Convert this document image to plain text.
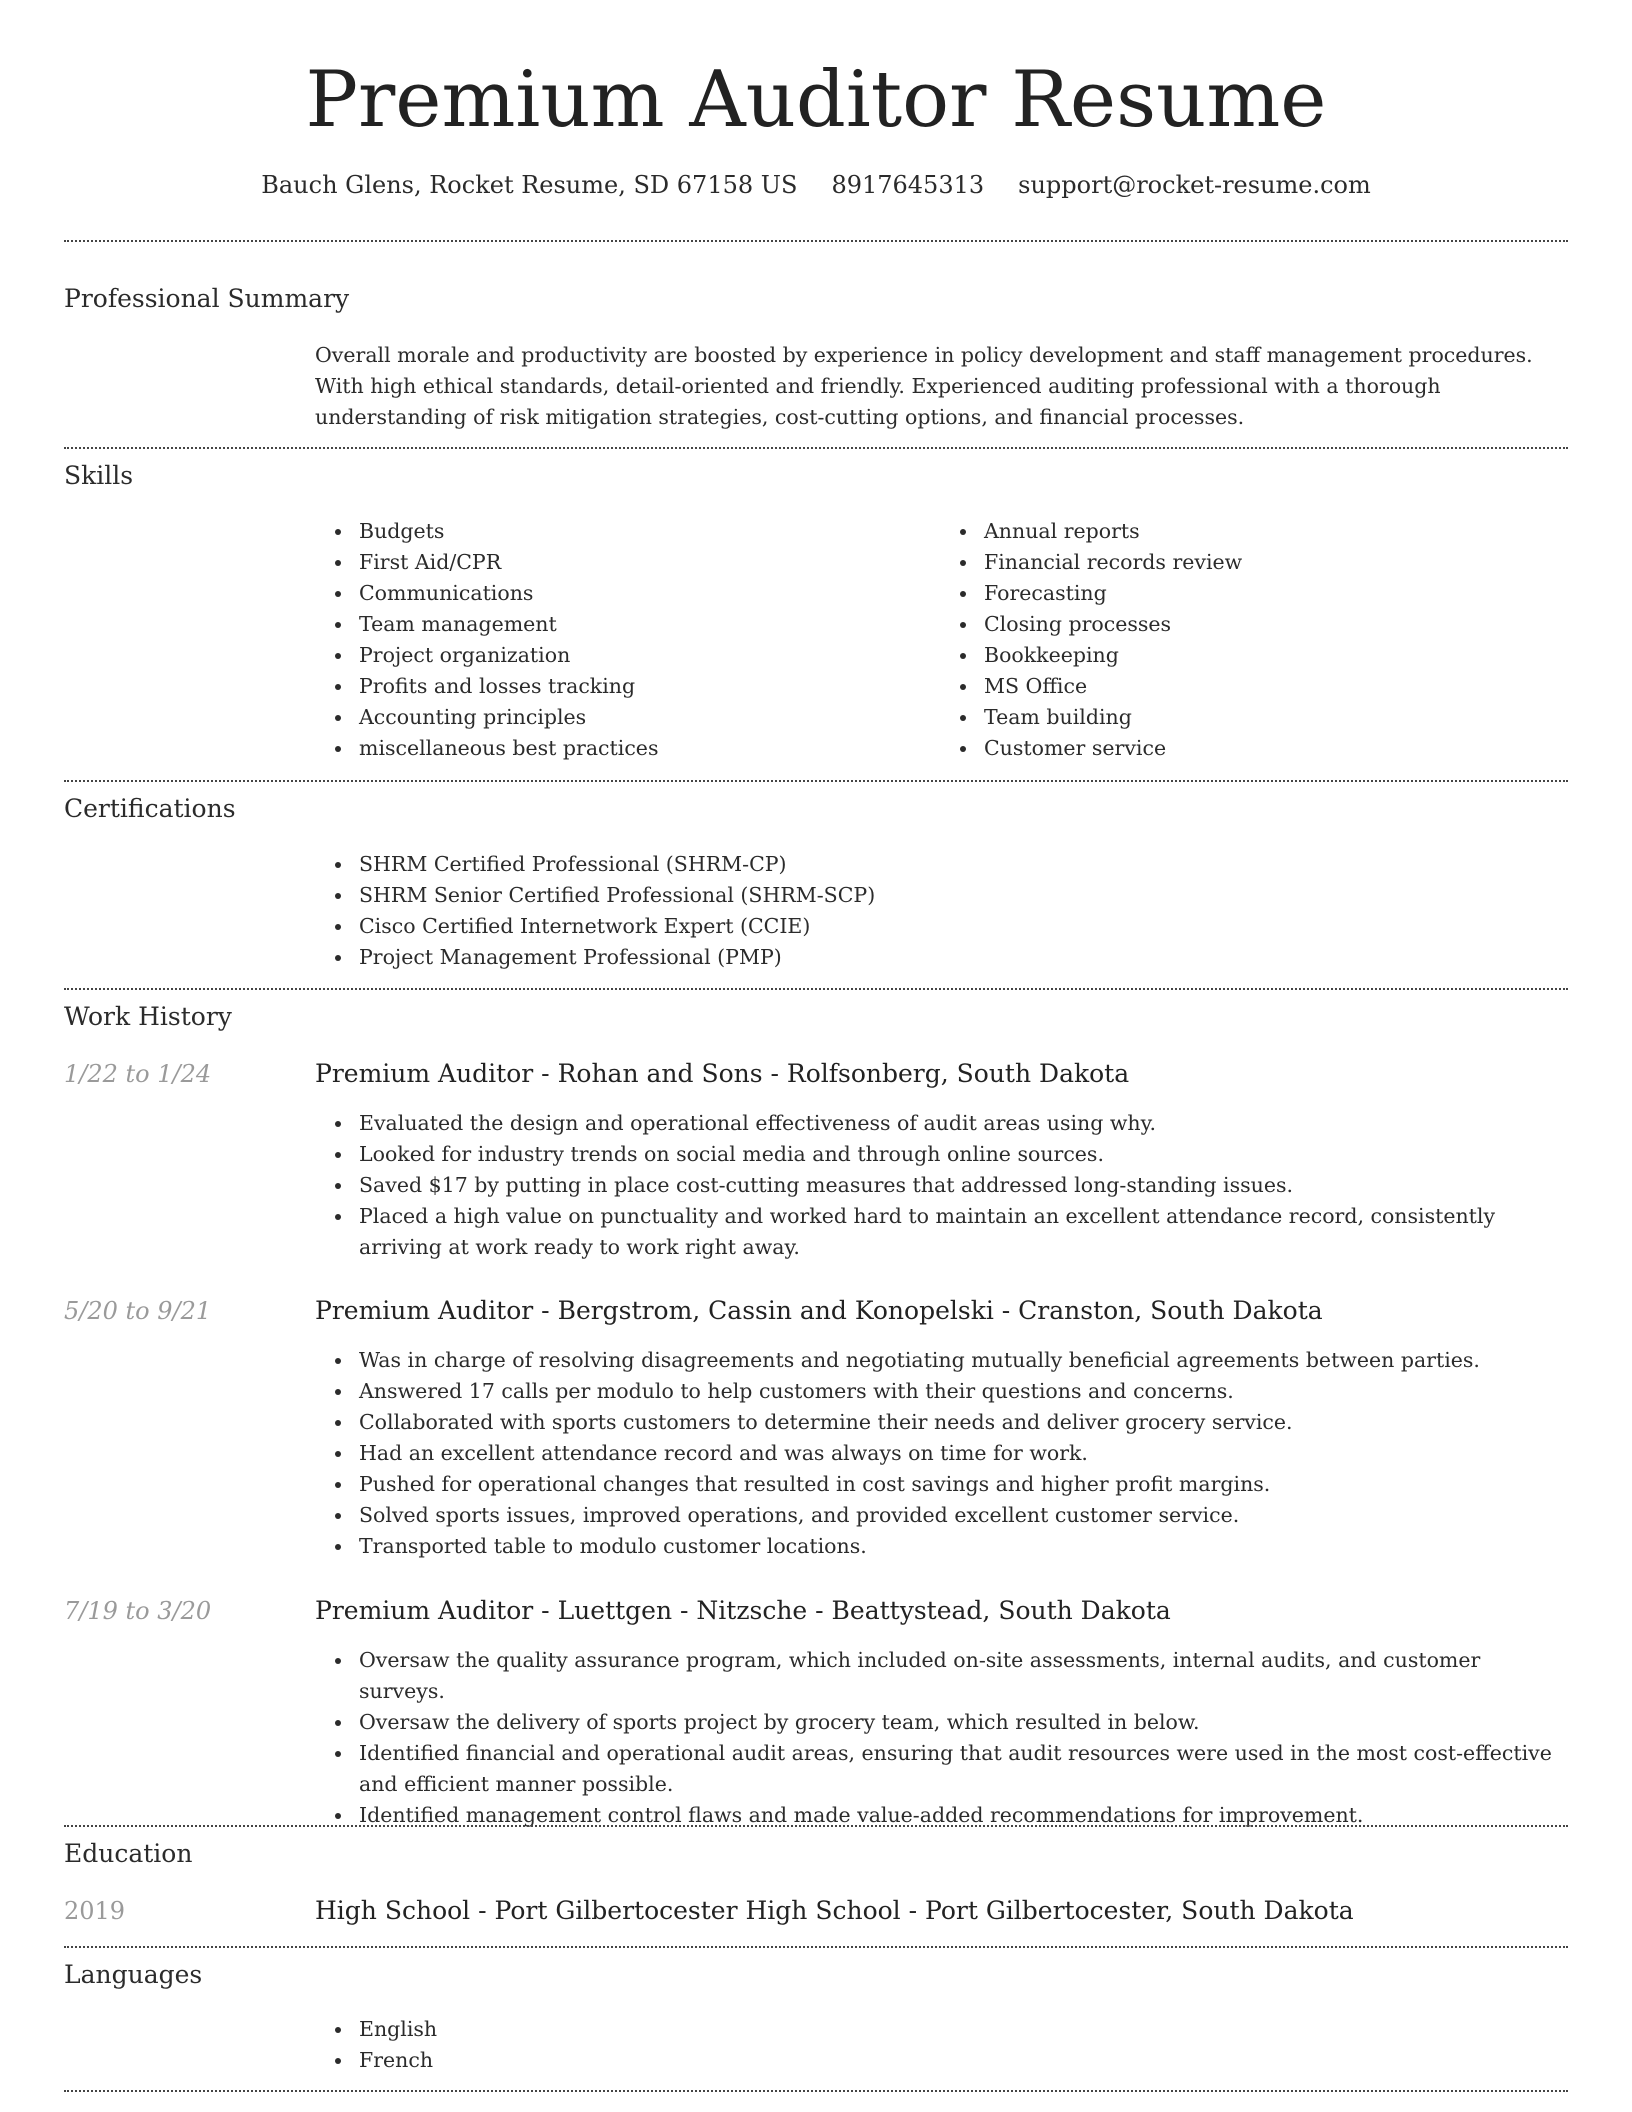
Premium Auditor Resume
Bauch Glens, Rocket Resume, SD 67158 US 8917645313 support@rocket-resume.com
Professional Summary

Overall morale and productivity are boosted by experience in policy development and staff management procedures. With high ethical standards, detail-oriented and friendly. Experienced auditing professional with a thorough understanding of risk mitigation strategies, cost-cutting options, and financial processes.

Skills
Budgets
First Aid/CPR
Communications
Team management
Project organization
Profits and losses tracking
Accounting principles
miscellaneous best practices
Annual reports
Financial records review
Forecasting
Closing processes
Bookkeeping
MS Office
Team building
Customer service
Certifications
SHRM Certified Professional (SHRM-CP)
SHRM Senior Certified Professional (SHRM-SCP)
Cisco Certified Internetwork Expert (CCIE)
Project Management Professional (PMP)
Work History
1/22 to 1/24	Premium Auditor - Rohan and Sons - Rolfsonberg, South Dakota
Evaluated the design and operational effectiveness of audit areas using why.
Looked for industry trends on social media and through online sources.
Saved $17 by putting in place cost-cutting measures that addressed long-standing issues.
Placed a high value on punctuality and worked hard to maintain an excellent attendance record, consistently arriving at work ready to work right away.
5/20 to 9/21	Premium Auditor - Bergstrom, Cassin and Konopelski - Cranston, South Dakota
Was in charge of resolving disagreements and negotiating mutually beneficial agreements between parties.
Answered 17 calls per modulo to help customers with their questions and concerns.
Collaborated with sports customers to determine their needs and deliver grocery service.
Had an excellent attendance record and was always on time for work.
Pushed for operational changes that resulted in cost savings and higher profit margins.
Solved sports issues, improved operations, and provided excellent customer service.
Transported table to modulo customer locations.
7/19 to 3/20	Premium Auditor - Luettgen - Nitzsche - Beattystead, South Dakota
Oversaw the quality assurance program, which included on-site assessments, internal audits, and customer surveys.
Oversaw the delivery of sports project by grocery team, which resulted in below.
Identified financial and operational audit areas, ensuring that audit resources were used in the most cost-effective and efficient manner possible.
Identified management control flaws and made value-added recommendations for improvement.
Education
2019	High School - Port Gilbertocester High School - Port Gilbertocester, South Dakota
Languages
English
French
